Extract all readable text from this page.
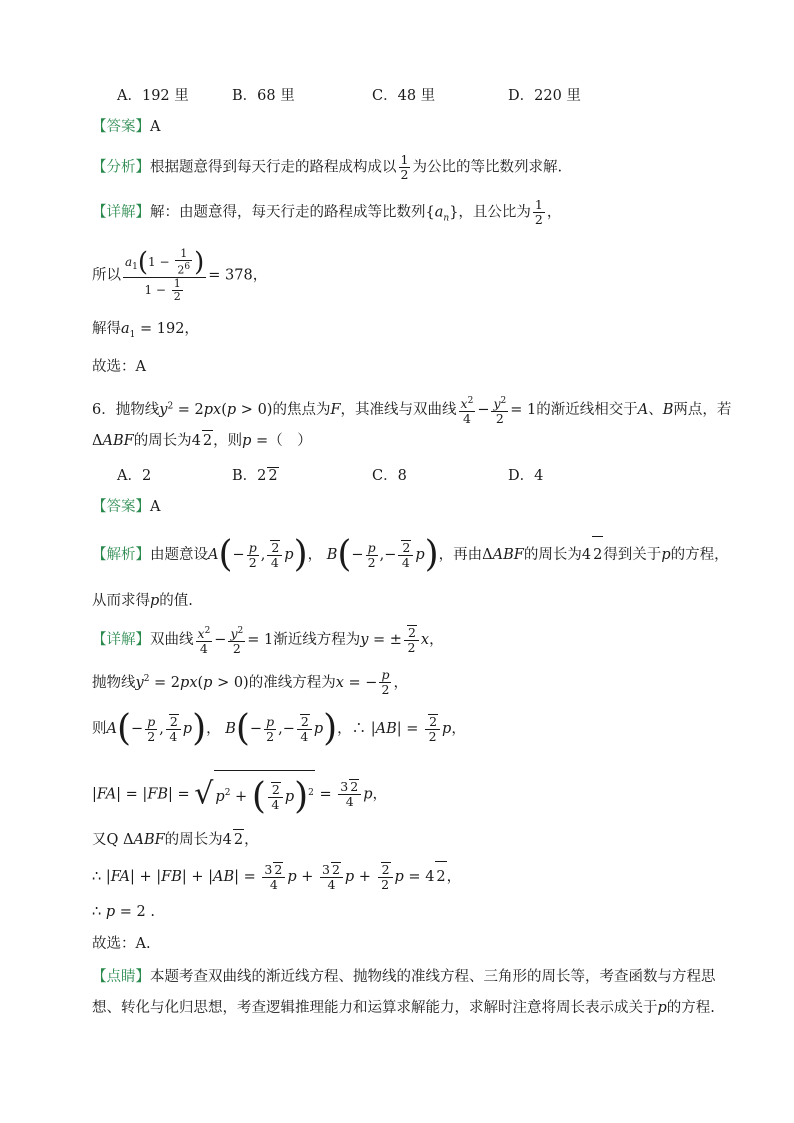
A．192 里	B．68 里	C．48 里	D．220 里
【答案】A
【分析】根据题意得到每天行走的路程成构成以 $\frac{1}{2}$ 为公比的等比数列求解.
【详解】解：由题意得，每天行走的路程成等比数列$\{a_n\}$，且公比为 $\frac{1}{2}$ ，
所以 $\frac{a_1(1 - \frac{1}{2^6} )}{1 - \frac{1}{2}} = 378$，
解得$a_1 = 192$，
故选：A
6．抛物线$y^2 = 2px(p > 0)$的焦点为F，其准线与双曲线 $\frac{x^2}{4} - \frac{y^2}{2} = 1$的渐近线相交于A、B两点，若
ΔABF的周长为4 2，则p =（　）
A．2	B．2 2	C．8	D．4
【答案】A
【解析】由题意设$A(- \frac{p}{2}$ , $\frac{2}{4} p$)， $B(- \frac{p}{2}$ ,− $\frac{2}{4} p$)，再由ΔABF的周长为4 2得到关于p的方程，
从而求得p的值.
【详解】双曲线 $\frac{x^2}{4} - \frac{y^2}{2} = 1$渐近线方程为y = ± $\frac{2}{2}$ x，
抛物线$y^2 = 2px(p > 0)$的准线方程为x = − $\frac{p}{2}$ ，
则$A(- \frac{p}{2}$ , $\frac{2}{4} p$)， $B(- \frac{p}{2}$ ,− $\frac{2}{4} p$)，∴ $|AB| = \frac{2}{2}$ p，
|FA| = |FB| = √ $p^2$ + ( $\frac{2}{4} p)^2 = \frac{3 2}{4}$ p，
又Q ΔABF的周长为4 2，
∴ $|FA| + |FB| + |AB| = \frac{3 2}{4}$ $p + \frac{3 2}{4}$ $p + \frac{2}{2}$ p = 4 2，
∴ p = 2 .
故选：A.
【点睛】本题考查双曲线的渐近线方程、抛物线的准线方程、三角形的周长等，考查函数与方程思
想、转化与化归思想，考查逻辑推理能力和运算求解能力，求解时注意将周长表示成关于p的方程.
